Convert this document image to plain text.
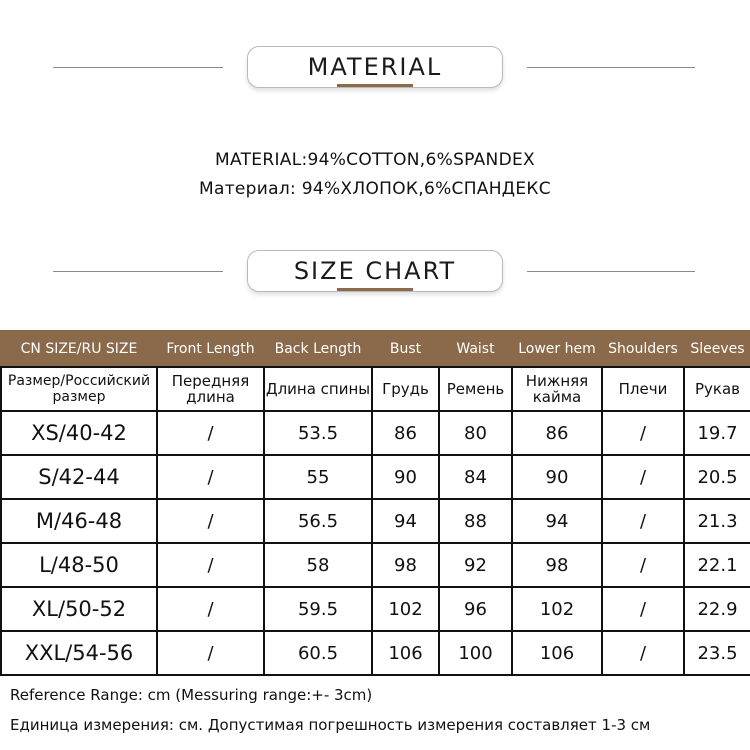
MATERIAL
MATERIAL:94%COTTON,6%SPANDEX
Материал: 94%ХЛОПОК,6%СПАНДЕКС
SIZE CHART
CN SIZE/RU SIZE	Front Length	Back Length	Bust	Waist	Lower hem	Shoulders	Sleeves
Размер/Российский размер	Передняя длина	Длина спины	Грудь	Ремень	Нижняя кайма	Плечи	Рукав
XS/40-42	/	53.5	86	80	86	/	19.7
S/42-44	/	55	90	84	90	/	20.5
M/46-48	/	56.5	94	88	94	/	21.3
L/48-50	/	58	98	92	98	/	22.1
XL/50-52	/	59.5	102	96	102	/	22.9
XXL/54-56	/	60.5	106	100	106	/	23.5
Reference Range: cm (Messuring range:+- 3cm)
Единица измерения: см. Допустимая погрешность измерения составляет 1-3 см
